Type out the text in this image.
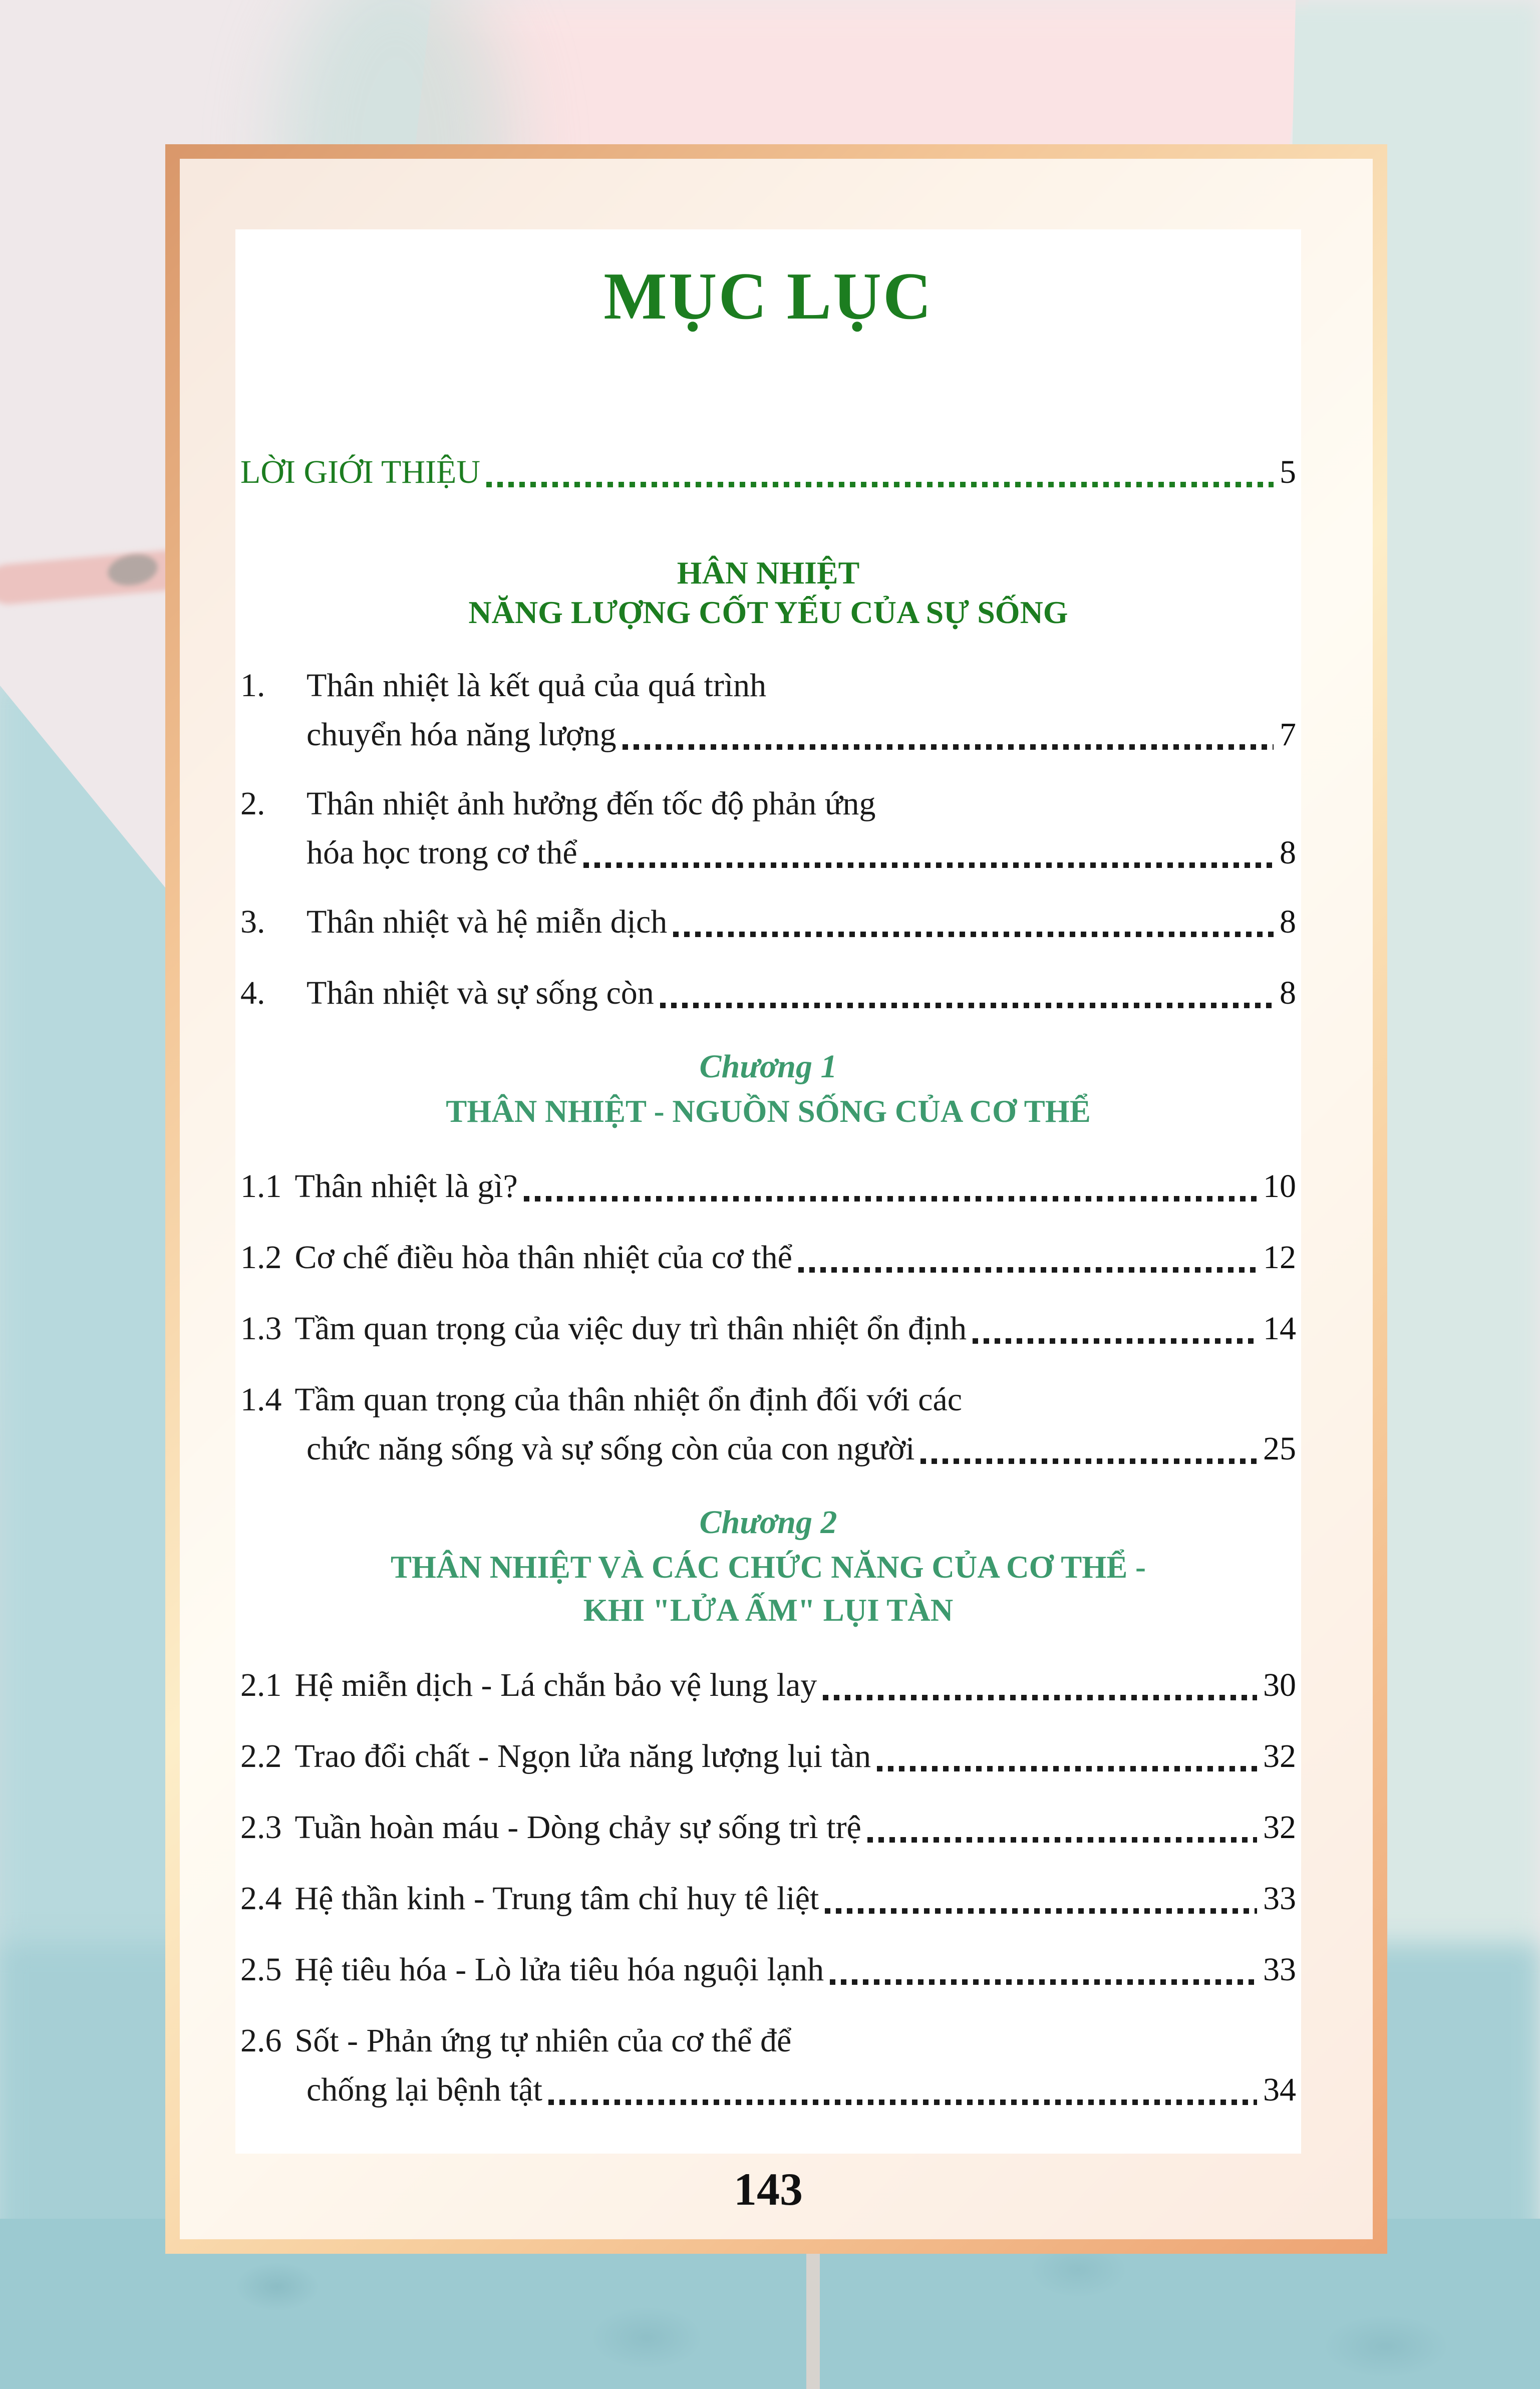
MỤC LỤC
LỜI GIỚI THIỆU	5
HÂN NHIỆT
NĂNG LƯỢNG CỐT YẾU CỦA SỰ SỐNG
1.	Thân nhiệt là kết quả của quá trình
chuyển hóa năng lượng	7
2.	Thân nhiệt ảnh hưởng đến tốc độ phản ứng
hóa học trong cơ thể	8
3.	Thân nhiệt và hệ miễn dịch	8
4.	Thân nhiệt và sự sống còn	8
Chương 1
THÂN NHIỆT - NGUỒN SỐNG CỦA CƠ THỂ
1.1 Thân nhiệt là gì?	10
1.2 Cơ chế điều hòa thân nhiệt của cơ thể	12
1.3 Tầm quan trọng của việc duy trì thân nhiệt ổn định	14
1.4 Tầm quan trọng của thân nhiệt ổn định đối với các
chức năng sống và sự sống còn của con người	25
Chương 2
THÂN NHIỆT VÀ CÁC CHỨC NĂNG CỦA CƠ THỂ -
KHI "LỬA ẤM" LỤI TÀN
2.1 Hệ miễn dịch - Lá chắn bảo vệ lung lay	30
2.2 Trao đổi chất - Ngọn lửa năng lượng lụi tàn	32
2.3 Tuần hoàn máu - Dòng chảy sự sống trì trệ	32
2.4 Hệ thần kinh - Trung tâm chỉ huy tê liệt	33
2.5 Hệ tiêu hóa - Lò lửa tiêu hóa nguội lạnh	33
2.6 Sốt - Phản ứng tự nhiên của cơ thể để
chống lại bệnh tật	34
143
